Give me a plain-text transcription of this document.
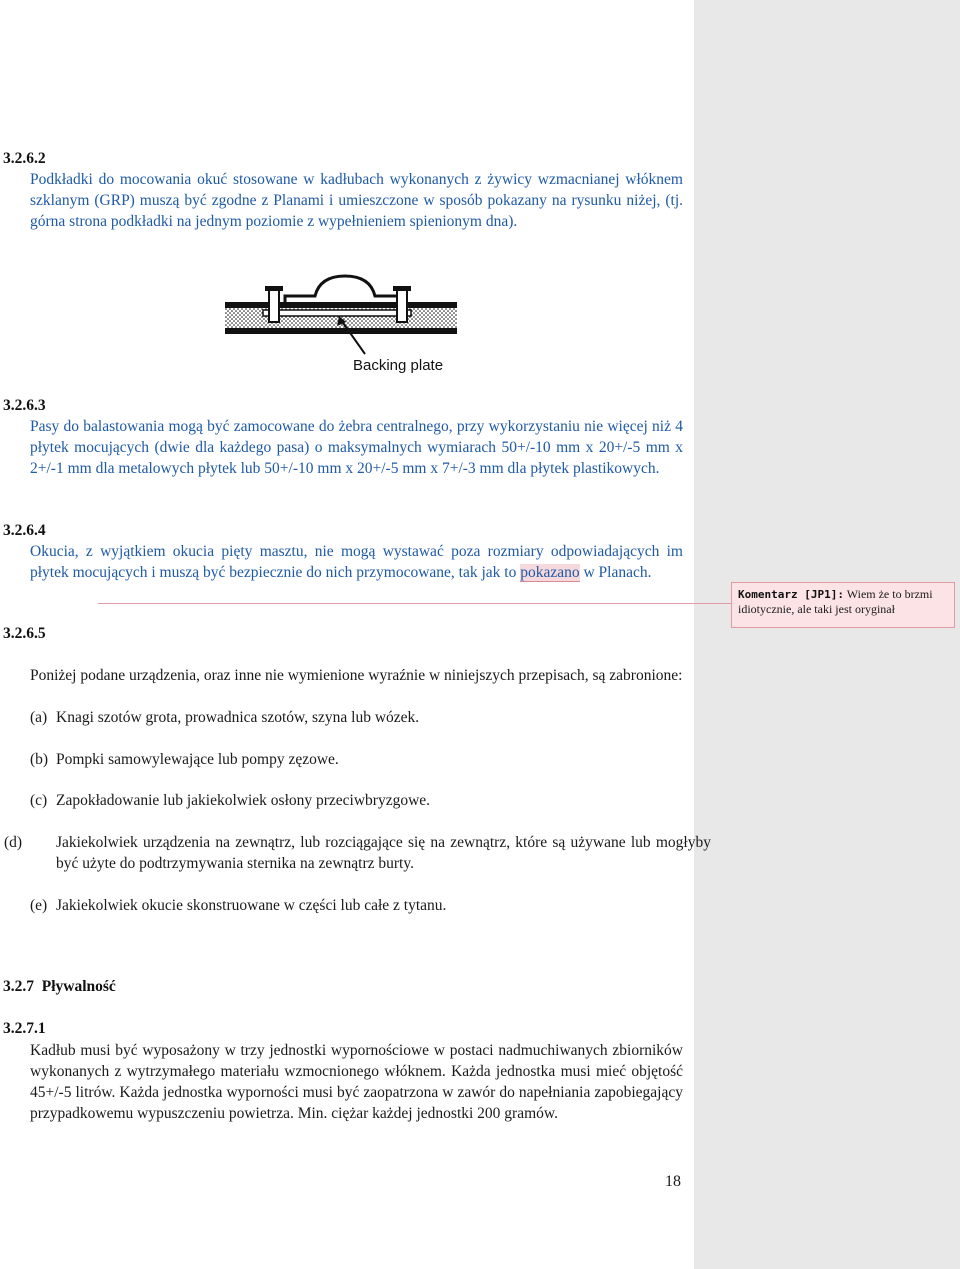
3.2.6.2
Podkładki do mocowania okuć stosowane w kadłubach wykonanych z żywicy wzmacnianej włóknem szklanym (GRP) muszą być zgodne z Planami i umieszczone w sposób pokazany na rysunku niżej, (tj. górna strona podkładki na jednym poziomie z wypełnieniem spienionym dna).
Backing plate
3.2.6.3
Pasy do balastowania mogą być zamocowane do żebra centralnego, przy wykorzystaniu nie więcej niż 4 płytek mocujących (dwie dla każdego pasa) o maksymalnych wymiarach 50+/-10 mm x 20+/-5 mm x 2+/-1 mm dla metalowych płytek lub 50+/-10 mm x 20+/-5 mm x 7+/-3 mm dla płytek plastikowych.
3.2.6.4
Okucia, z wyjątkiem okucia pięty masztu, nie mogą wystawać poza rozmiary odpowiadających im płytek mocujących i muszą być bezpiecznie do nich przymocowane, tak jak to pokazano w Planach.
3.2.6.5
Poniżej podane urządzenia, oraz inne nie wymienione wyraźnie w niniejszych przepisach, są zabronione:
(a) Knagi szotów grota, prowadnica szotów, szyna lub wózek.
(b) Pompki samowylewające lub pompy zęzowe.
(c) Zapokładowanie lub jakiekolwiek osłony przeciwbryzgowe.
(d) Jakiekolwiek urządzenia na zewnątrz, lub rozciągające się na zewnątrz, które są używane lub mogłyby być użyte do podtrzymywania sternika na zewnątrz burty.
(e) Jakiekolwiek okucie skonstruowane w części lub całe z tytanu.
3.2.7 Pływalność
3.2.7.1
Kadłub musi być wyposażony w trzy jednostki wypornościowe w postaci nadmuchiwanych zbiorników wykonanych z wytrzymałego materiału wzmocnionego włóknem. Każda jednostka musi mieć objętość 45+/-5 litrów. Każda jednostka wyporności musi być zaopatrzona w zawór do napełniania zapobiegający przypadkowemu wypuszczeniu powietrza. Min. ciężar każdej jednostki 200 gramów.
18
Komentarz [JP1]: Wiem że to brzmi idiotycznie, ale taki jest oryginał
